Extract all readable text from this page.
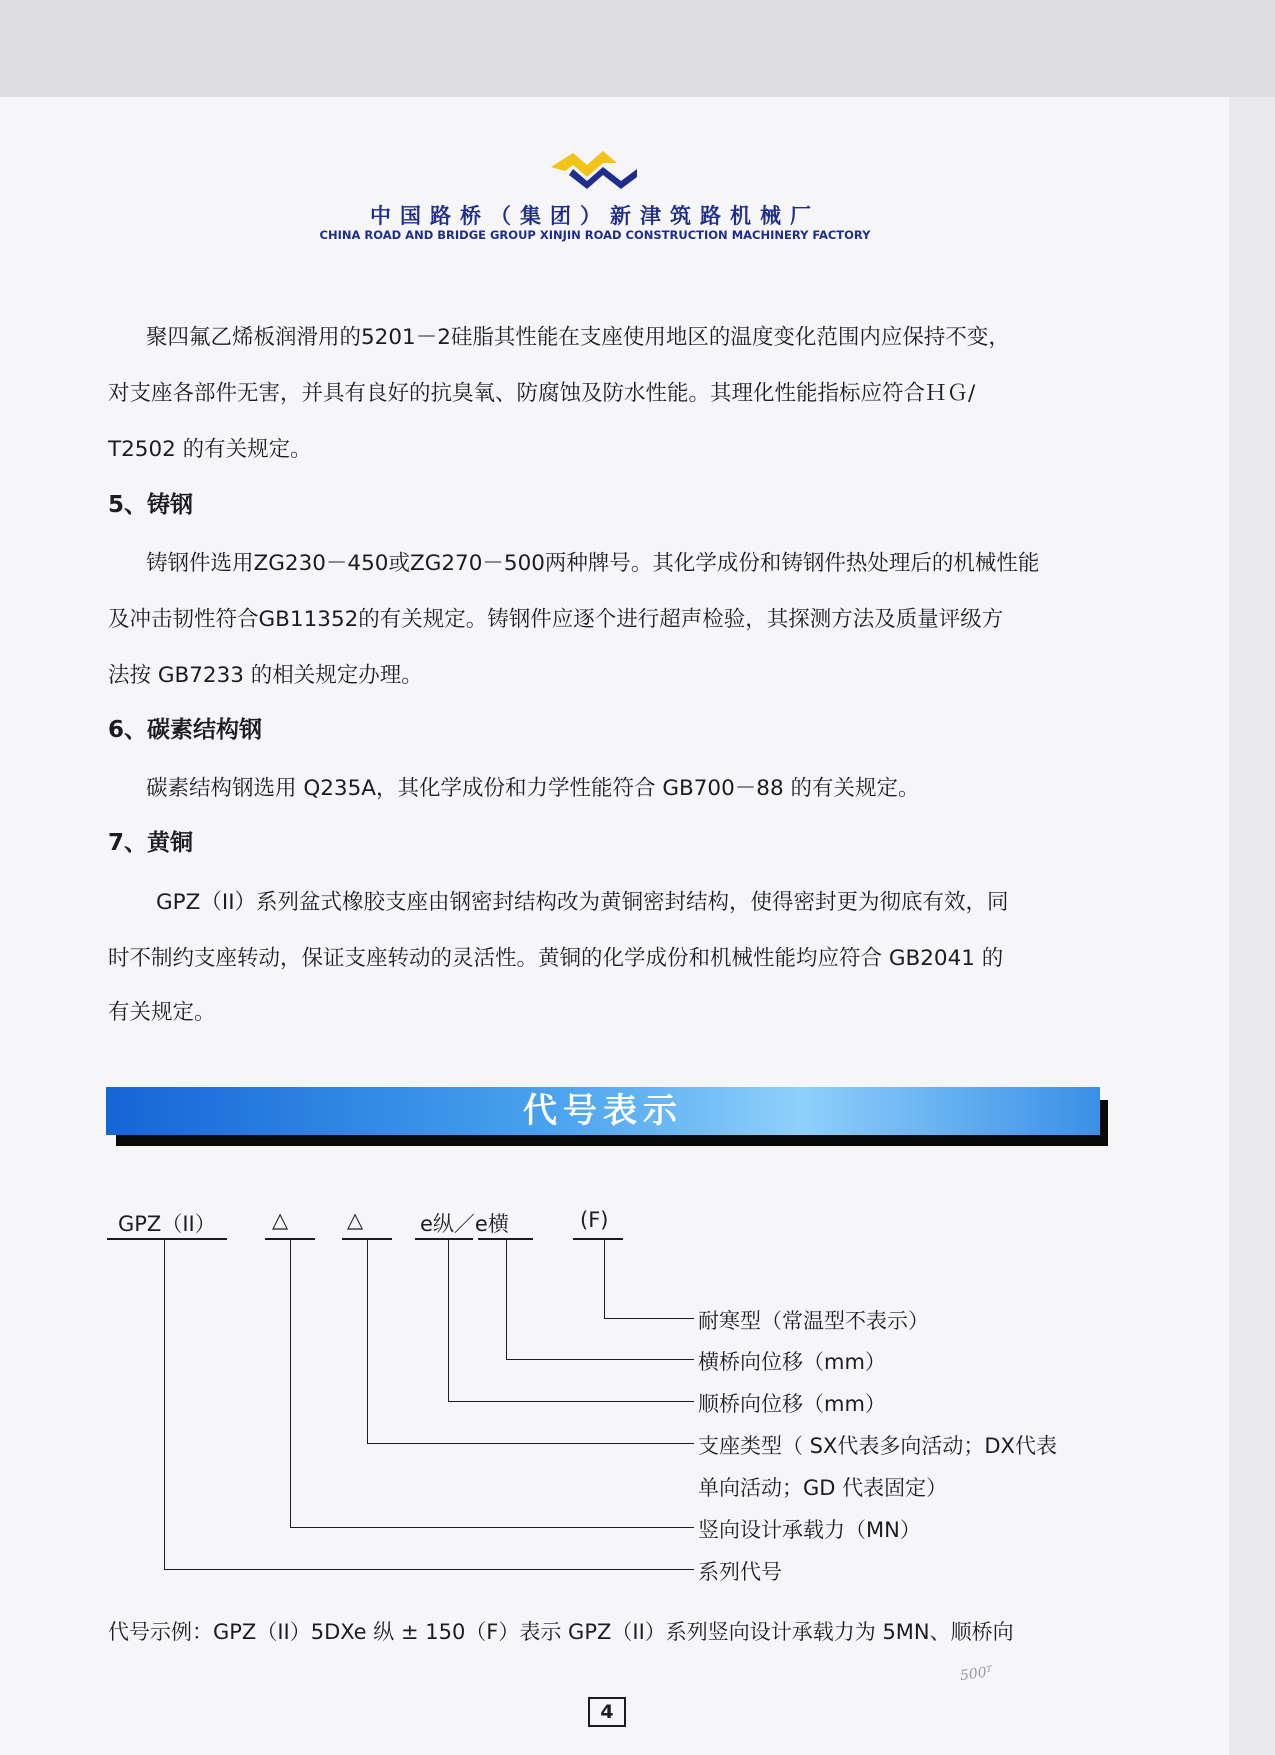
中国路桥（集团）新津筑路机械厂
CHINA ROAD AND BRIDGE GROUP XINJIN ROAD CONSTRUCTION MACHINERY FACTORY
聚四氟乙烯板润滑用的5201－2硅脂其性能在支座使用地区的温度变化范围内应保持不变，
对支座各部件无害，并具有良好的抗臭氧、防腐蚀及防水性能。其理化性能指标应符合ＨＧ/
T2502 的有关规定。
5、铸钢
铸钢件选用ZG230－450或ZG270－500两种牌号。其化学成份和铸钢件热处理后的机械性能
及冲击韧性符合GB11352的有关规定。铸钢件应逐个进行超声检验，其探测方法及质量评级方
法按 GB7233 的相关规定办理。
6、碳素结构钢
碳素结构钢选用 Q235A，其化学成份和力学性能符合 GB700－88 的有关规定。
7、黄铜
GPZ（II）系列盆式橡胶支座由钢密封结构改为黄铜密封结构，使得密封更为彻底有效，同
时不制约支座转动，保证支座转动的灵活性。黄铜的化学成份和机械性能均应符合 GB2041 的
有关规定。
代号表示
GPZ（II）	△	△	e纵／e横	(F)
耐寒型（常温型不表示）
横桥向位移（mm）
顺桥向位移（mm）
支座类型（ SX代表多向活动；DX代表
单向活动；GD 代表固定）
竖向设计承载力（MN）
系列代号
代号示例：GPZ（II）5DXe 纵 ± 150（F）表示 GPZ（II）系列竖向设计承载力为 5MN、顺桥向
500ᵀ
4
